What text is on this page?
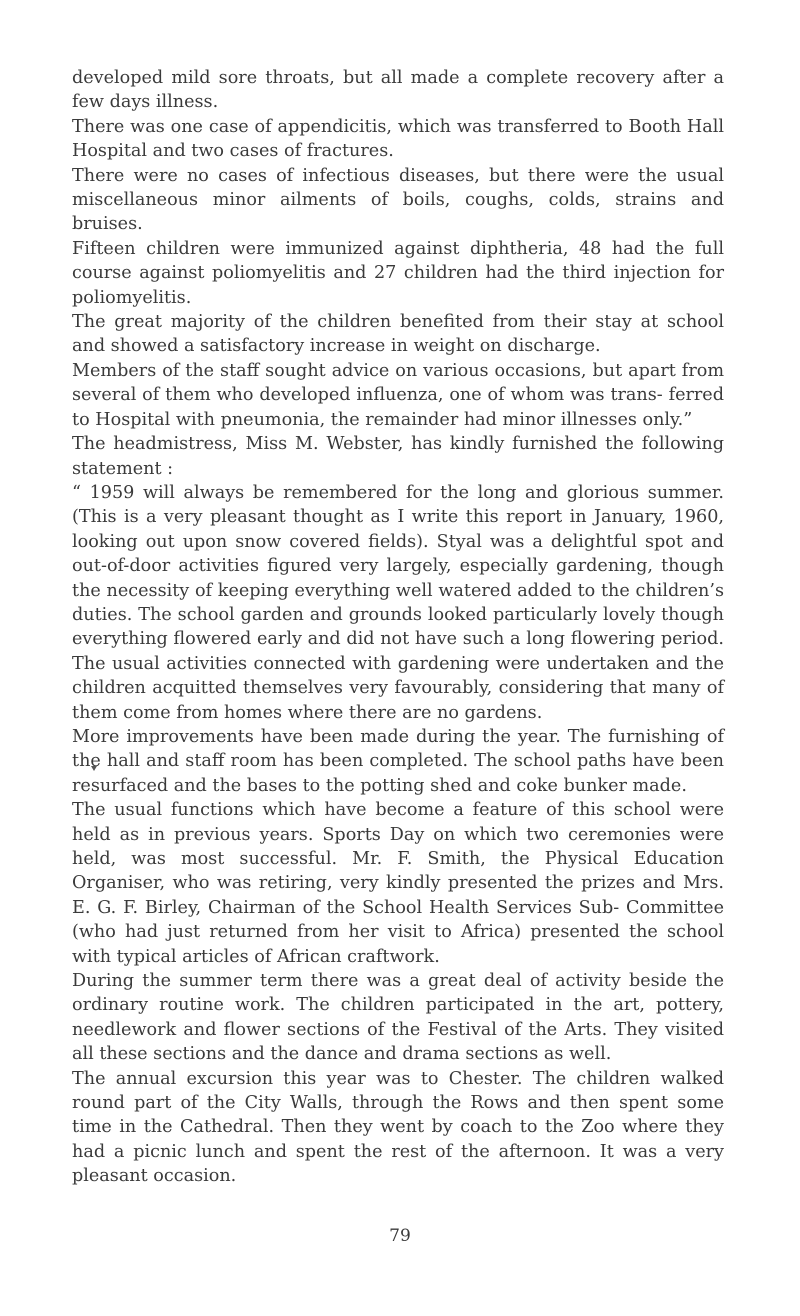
developed mild sore throats, but all made a complete recovery after a few days illness.

There was one case of appendicitis, which was transferred to Booth Hall Hospital and two cases of fractures.

There were no cases of infectious diseases, but there were the usual miscellaneous minor ailments of boils, coughs, colds, strains and bruises.

Fifteen children were immunized against diphtheria, 48 had the full course against poliomyelitis and 27 children had the third injection for poliomyelitis.

The great majority of the children benefited from their stay at school and showed a satisfactory increase in weight on discharge.

Members of the staff sought advice on various occasions, but apart from several of them who developed influenza, one of whom was trans- ferred to Hospital with pneumonia, the remainder had minor illnesses only.”

The headmistress, Miss M. Webster, has kindly furnished the following statement :

“ 1959 will always be remembered for the long and glorious summer. (This is a very pleasant thought as I write this report in January, 1960, looking out upon snow covered fields). Styal was a delightful spot and out-of-door activities figured very largely, especially gardening, though the necessity of keeping everything well watered added to the children’s duties. The school garden and grounds looked particularly lovely though everything flowered early and did not have such a long flowering period. The usual activities connected with gardening were undertaken and the children acquitted themselves very favourably, considering that many of them come from homes where there are no gardens.

More improvements have been made during the year. The furnishing of the hall and staff room has been completed. The school paths have been resurfaced and the bases to the potting shed and coke bunker made.

The usual functions which have become a feature of this school were held as in previous years. Sports Day on which two ceremonies were held, was most successful. Mr. F. Smith, the Physical Education Organiser, who was retiring, very kindly presented the prizes and Mrs. E. G. F. Birley, Chairman of the School Health Services Sub- Committee (who had just returned from her visit to Africa) presented the school with typical articles of African craftwork.

During the summer term there was a great deal of activity beside the ordinary routine work. The children participated in the art, pottery, needlework and flower sections of the Festival of the Arts. They visited all these sections and the dance and drama sections as well.

The annual excursion this year was to Chester. The children walked round part of the City Walls, through the Rows and then spent some time in the Cathedral. Then they went by coach to the Zoo where they had a picnic lunch and spent the rest of the afternoon. It was a very pleasant occasion.

79
